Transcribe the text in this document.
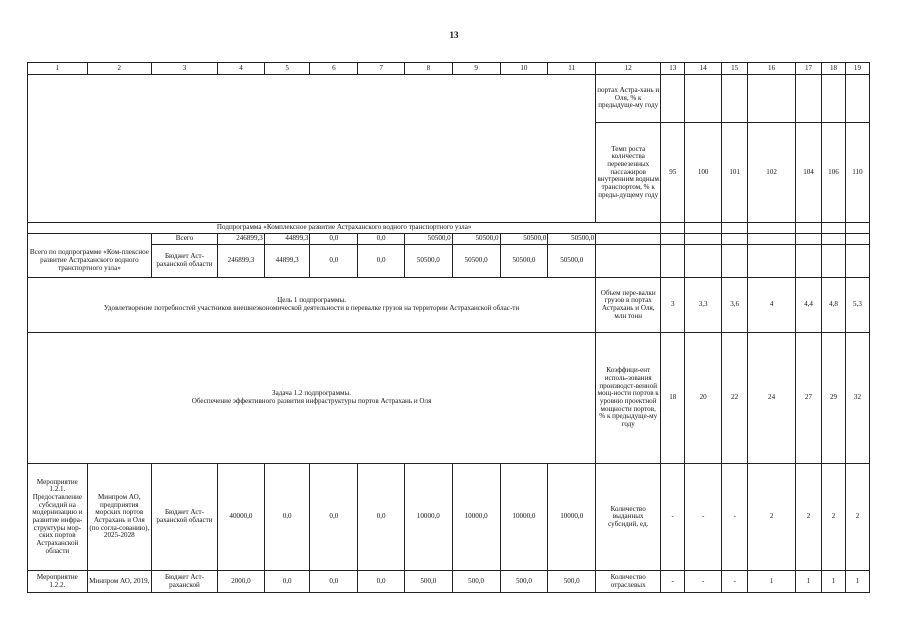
13
1	2	3	4	5	6	7	8	9	10	11	12	13	14	15	16	17	18	19
											портах Астра-хань и Оля, % к предыдуще-му году							
											Темп роста количества перевезенных пассажиров внутренним водным транспортом, % к преды-дущему году	95	100	101	102	104	106	110
Подпрограмма «Комплексное развитие Астраханского водного транспортного узла»																		
		Всего	246899,3	44899,3	0,0	0,0	50500,0	50500,0	50500,0	50500,0								
Всего по подпрограмме «Ком-плексное развитие Астраханского водного транспортного узла»		Бюджет Аст-раханской области	246899,3	44899,3	0,0	0,0	50500,0	50500,0	50500,0	50500,0								

Цель 1 подпрограммы.
Удовлетворение потребностей участников внешнеэкономической деятельности в перевалке грузов на территории Астраханской облас-ти											Объем пере-валки грузов в портах Астрахань и Оля, млн тонн	3	3,3	3,6	4	4,4	4,8	5,3

Задача 1.2 подпрограммы.
Обеспечение эффективного развития инфраструктуры портов Астрахань и Оля											Коэффици-ент исполь-зования производст-венной мощ-ности портов к уровню проектной мощности портов, % к предыдуще-му году	18	20	22	24	27	29	32
Мероприятие 1.2.1. Предоставление субсидий на модернизацию и развитие инфра-структуры мор-ских портов Астраханской области	Минпром АО, предприятия морских портов Астрахань и Оля (по согла-сованию), 2025-2028	Бюджет Аст-раханской области	40000,0	0,0	0,0	0,0	10000,0	10000,0	10000,0	10000,0	Количество выданных субсидий, ед.	-	-	-	2	2	2	2
Мероприятие 1.2.2.	Минпром АО, 2019,	Бюджет Аст-раханской	2000,0	0,0	0,0	0,0	500,0	500,0	500,0	500,0	Количество отраслевых	-	-	-	1	1	1	1
